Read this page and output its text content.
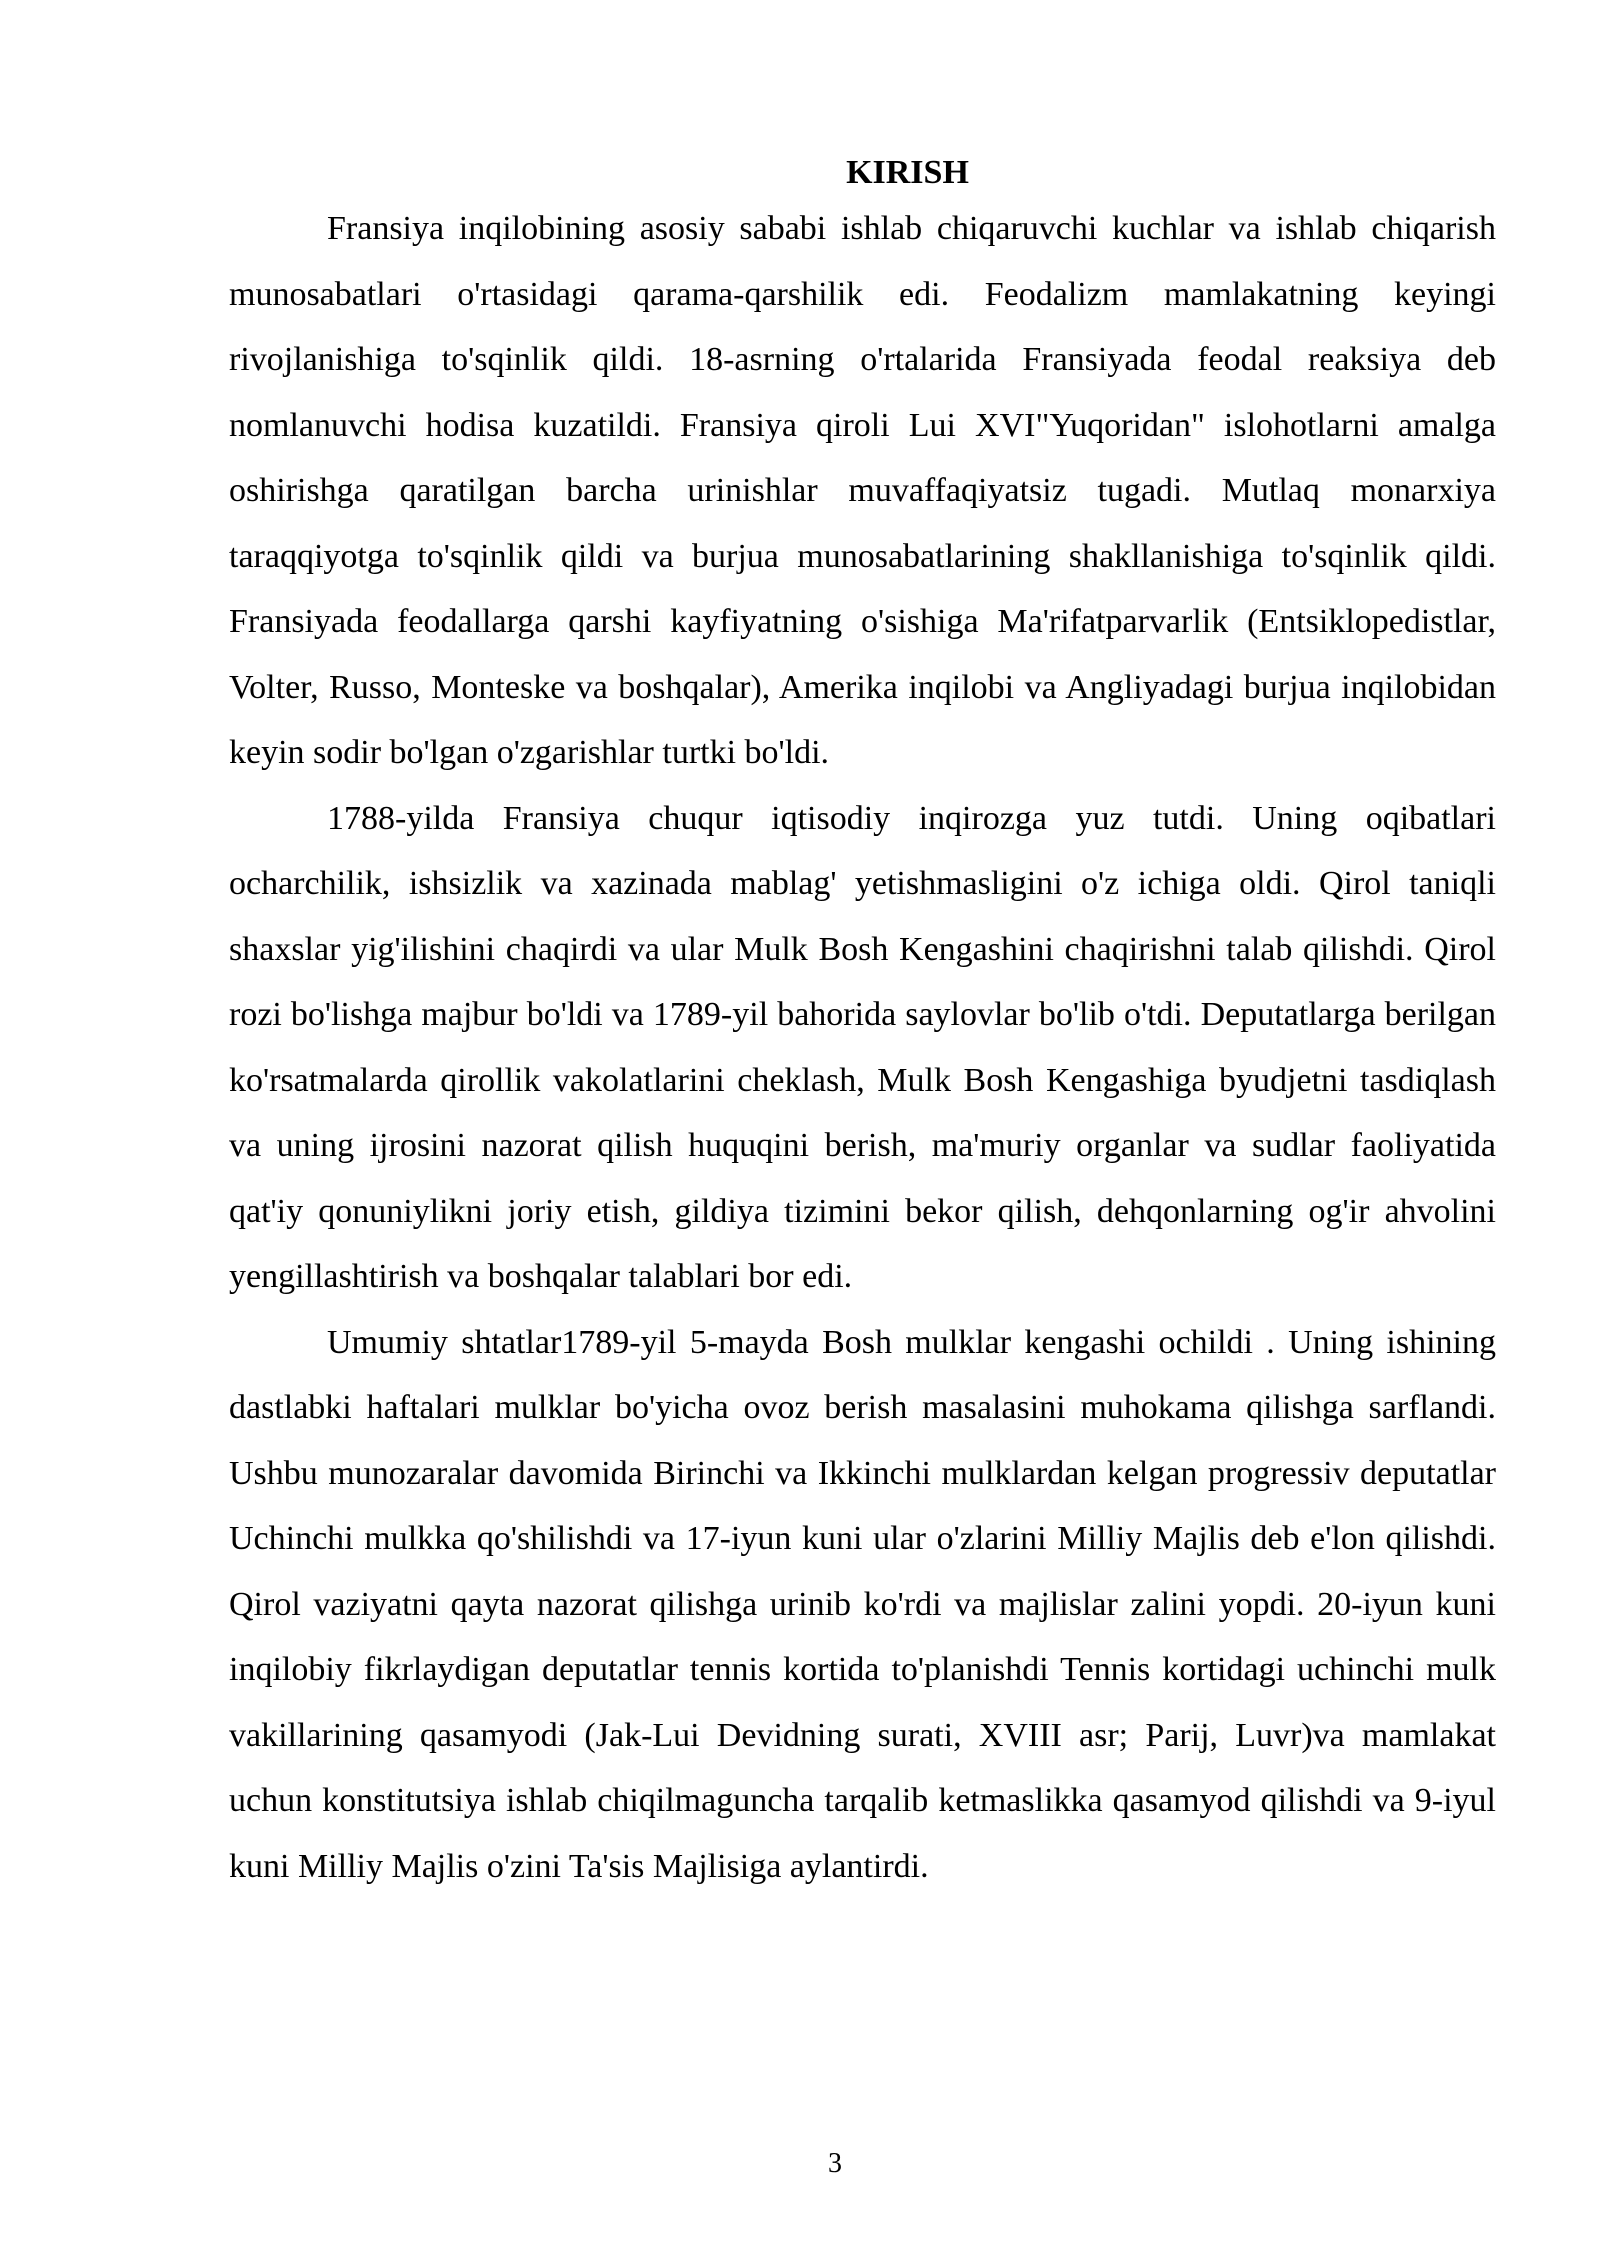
KIRISH

Fransiya inqilobining asosiy sababi ishlab chiqaruvchi kuchlar va ishlab chiqarish munosabatlari o'rtasidagi qarama-qarshilik edi. Feodalizm mamlakatning keyingi rivojlanishiga to'sqinlik qildi. 18-asrning o'rtalarida Fransiyada feodal reaksiya deb nomlanuvchi hodisa kuzatildi. Fransiya qiroli Lui XVI"Yuqoridan" islohotlarni amalga oshirishga qaratilgan barcha urinishlar muvaffaqiyatsiz tugadi. Mutlaq monarxiya taraqqiyotga to'sqinlik qildi va burjua munosabatlarining shakllanishiga to'sqinlik qildi. Fransiyada feodallarga qarshi kayfiyatning o'sishiga Ma'rifatparvarlik (Entsiklopedistlar, Volter, Russo, Monteske va boshqalar), Amerika inqilobi va Angliyadagi burjua inqilobidan keyin sodir bo'lgan o'zgarishlar turtki bo'ldi.

1788-yilda Fransiya chuqur iqtisodiy inqirozga yuz tutdi. Uning oqibatlari ocharchilik, ishsizlik va xazinada mablag' yetishmasligini o'z ichiga oldi. Qirol taniqli shaxslar yig'ilishini chaqirdi va ular Mulk Bosh Kengashini chaqirishni talab qilishdi. Qirol rozi bo'lishga majbur bo'ldi va 1789-yil bahorida saylovlar bo'lib o'tdi. Deputatlarga berilgan ko'rsatmalarda qirollik vakolatlarini cheklash, Mulk Bosh Kengashiga byudjetni tasdiqlash va uning ijrosini nazorat qilish huquqini berish, ma'muriy organlar va sudlar faoliyatida qat'iy qonuniylikni joriy etish, gildiya tizimini bekor qilish, dehqonlarning og'ir ahvolini yengillashtirish va boshqalar talablari bor edi.

Umumiy shtatlar1789-yil 5-mayda Bosh mulklar kengashi ochildi . Uning ishining dastlabki haftalari mulklar bo'yicha ovoz berish masalasini muhokama qilishga sarflandi. Ushbu munozaralar davomida Birinchi va Ikkinchi mulklardan kelgan progressiv deputatlar Uchinchi mulkka qo'shilishdi va 17-iyun kuni ular o'zlarini Milliy Majlis deb e'lon qilishdi. Qirol vaziyatni qayta nazorat qilishga urinib ko'rdi va majlislar zalini yopdi. 20-iyun kuni inqilobiy fikrlaydigan deputatlar tennis kortida to'planishdi Tennis kortidagi uchinchi mulk vakillarining qasamyodi (Jak-Lui Devidning surati, XVIII asr; Parij, Luvr)va mamlakat uchun konstitutsiya ishlab chiqilmaguncha tarqalib ketmaslikka qasamyod qilishdi va 9-iyul kuni Milliy Majlis o'zini Ta'sis Majlisiga aylantirdi.

3
